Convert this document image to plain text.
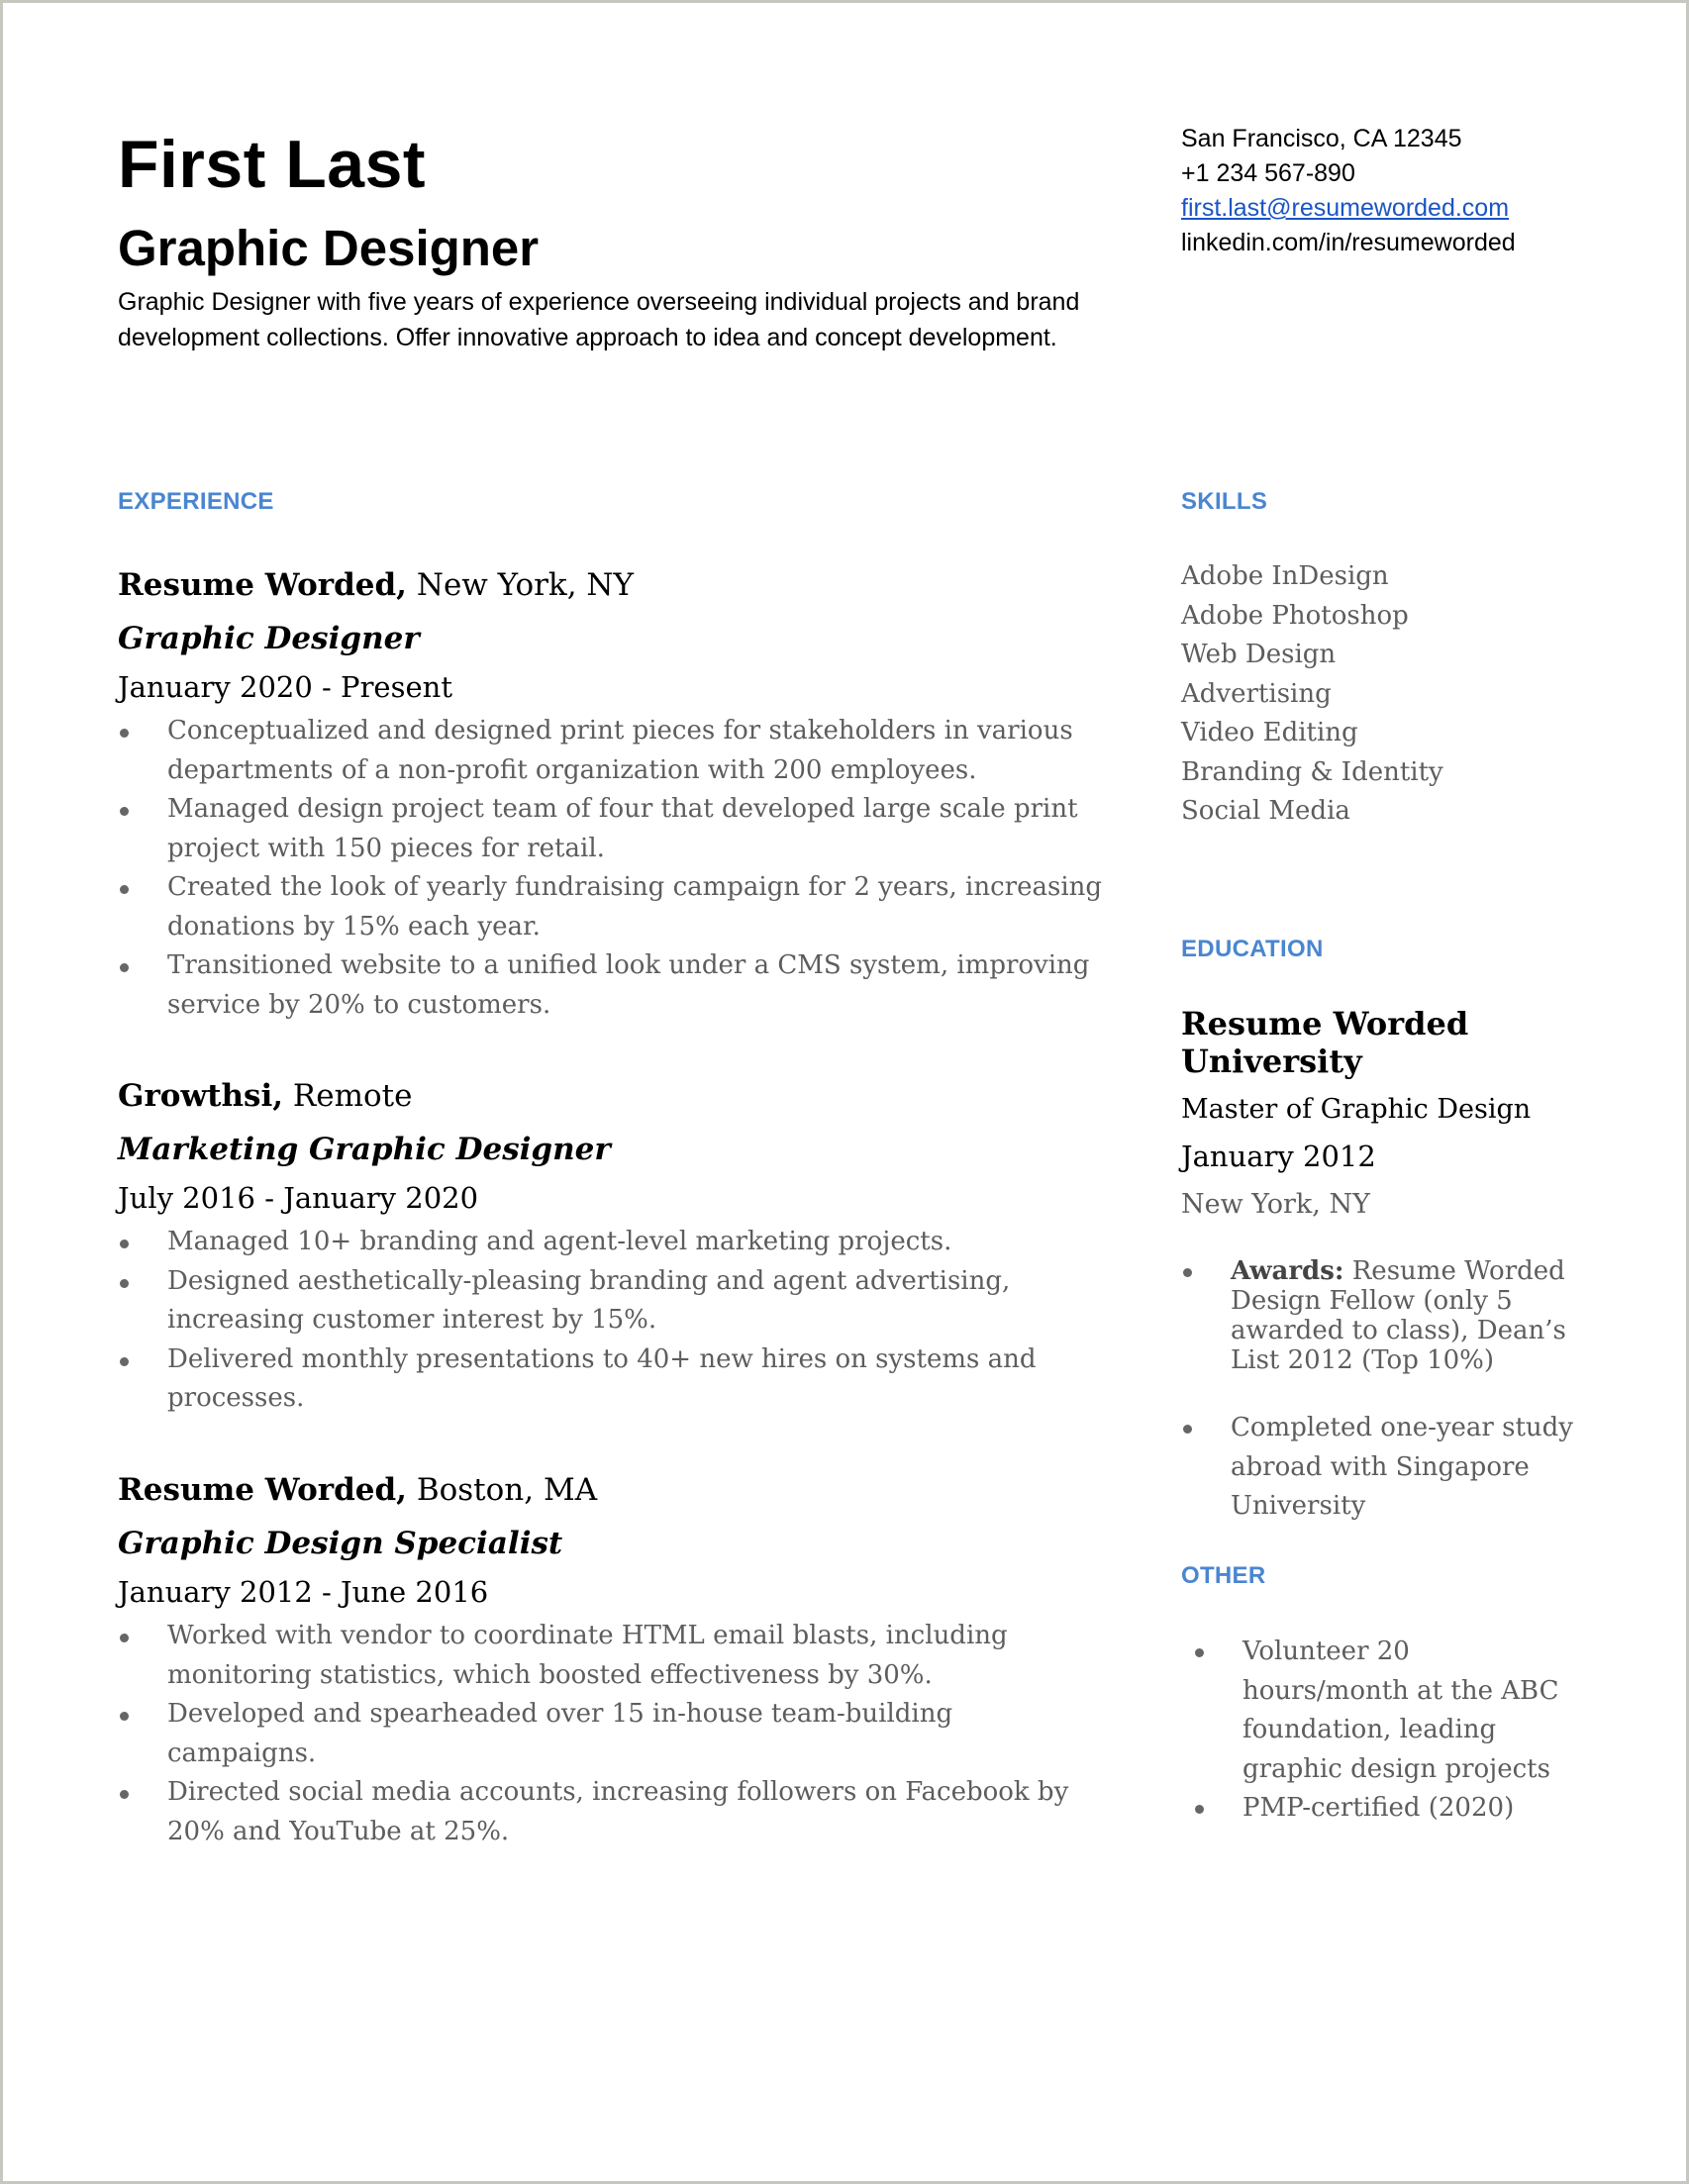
First Last
Graphic Designer
Graphic Designer with five years of experience overseeing individual projects and brand development collections. Offer innovative approach to idea and concept development.
San Francisco, CA 12345
+1 234 567-890
first.last@resumeworded.com
linkedin.com/in/resumeworded
EXPERIENCE	SKILLS
EDUCATION
OTHER
Resume Worded, New York, NY
Graphic Designer
January 2020 - Present
Conceptualized and designed print pieces for stakeholders in various departments of a non-profit organization with 200 employees.
Managed design project team of four that developed large scale print project with 150 pieces for retail.
Created the look of yearly fundraising campaign for 2 years, increasing donations by 15% each year.
Transitioned website to a unified look under a CMS system, improving service by 20% to customers.
Growthsi, Remote
Marketing Graphic Designer
July 2016 - January 2020
Managed 10+ branding and agent-level marketing projects.
Designed aesthetically-pleasing branding and agent advertising, increasing customer interest by 15%.
Delivered monthly presentations to 40+ new hires on systems and processes.
Resume Worded, Boston, MA
Graphic Design Specialist
January 2012 - June 2016
Worked with vendor to coordinate HTML email blasts, including monitoring statistics, which boosted effectiveness by 30%.
Developed and spearheaded over 15 in-house team-building campaigns.
Directed social media accounts, increasing followers on Facebook by 20% and YouTube at 25%.
Adobe InDesign
Adobe Photoshop
Web Design
Advertising
Video Editing
Branding & Identity
Social Media
Resume Worded University
Master of Graphic Design
January 2012
New York, NY
Awards: Resume Worded Design Fellow (only 5 awarded to class), Dean’s List 2012 (Top 10%)
Completed one-year study abroad with Singapore University
Volunteer 20 hours/month at the ABC foundation, leading graphic design projects
PMP-certified (2020)
